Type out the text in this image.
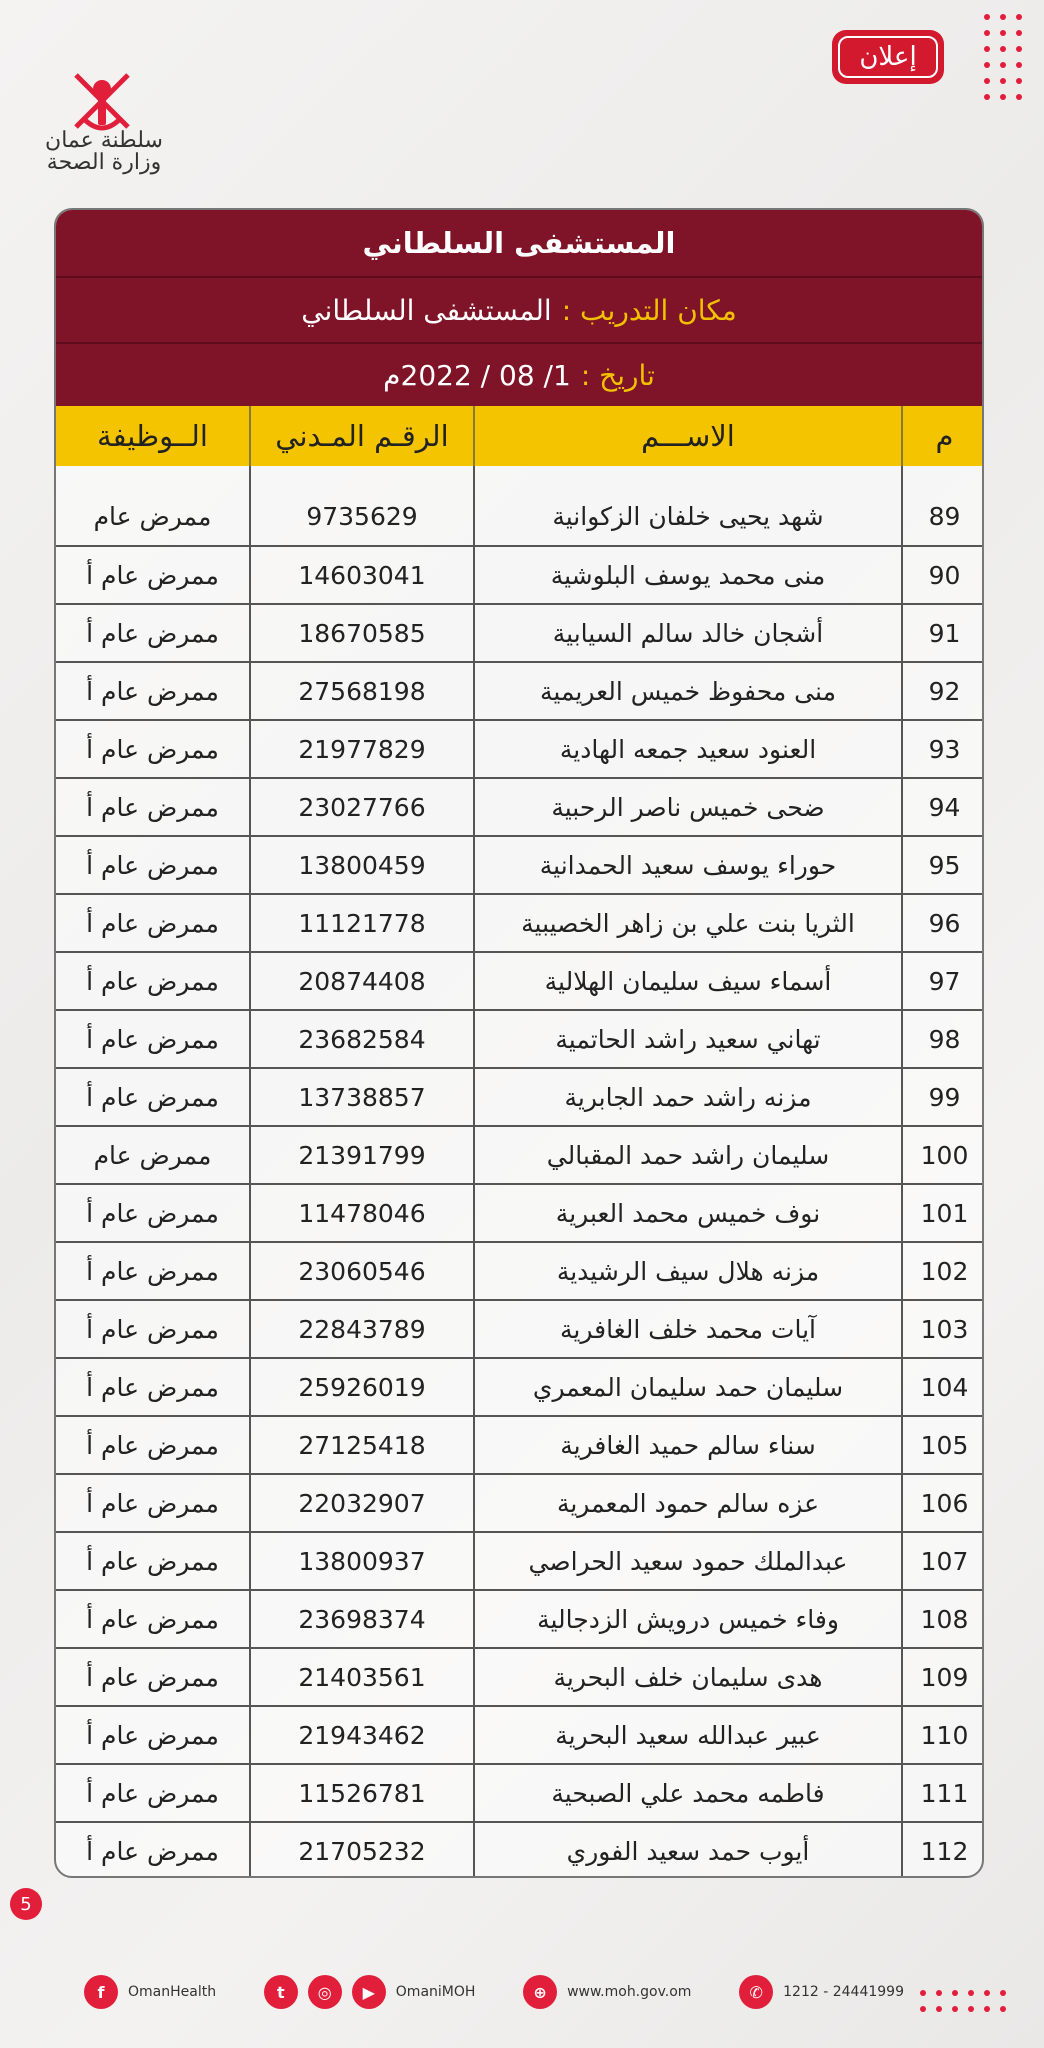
سلطنة عمان
وزارة الصحة
إعلان
المستشفى السلطاني
مكان التدريب :
المستشفى السلطاني
تاريخ :
1/ 08 / 2022م
م	الاســـم	الرقـم المـدني	الــوظيفة

89	شهد يحيى خلفان الزكوانية	9735629	ممرض عام
90	منى محمد يوسف البلوشية	14603041	ممرض عام أ
91	أشجان خالد سالم السيابية	18670585	ممرض عام أ
92	منى محفوظ خميس العريمية	27568198	ممرض عام أ
93	العنود سعيد جمعه الهادية	21977829	ممرض عام أ
94	ضحى خميس ناصر الرحبية	23027766	ممرض عام أ
95	حوراء يوسف سعيد الحمدانية	13800459	ممرض عام أ
96	الثريا بنت علي بن زاهر الخصيبية	11121778	ممرض عام أ
97	أسماء سيف سليمان الهلالية	20874408	ممرض عام أ
98	تهاني سعيد راشد الحاتمية	23682584	ممرض عام أ
99	مزنه راشد حمد الجابرية	13738857	ممرض عام أ
100	سليمان راشد حمد المقبالي	21391799	ممرض عام
101	نوف خميس محمد العبرية	11478046	ممرض عام أ
102	مزنه هلال سيف الرشيدية	23060546	ممرض عام أ
103	آيات محمد خلف الغافرية	22843789	ممرض عام أ
104	سليمان حمد سليمان المعمري	25926019	ممرض عام أ
105	سناء سالم حميد الغافرية	27125418	ممرض عام أ
106	عزه سالم حمود المعمرية	22032907	ممرض عام أ
107	عبدالملك حمود سعيد الحراصي	13800937	ممرض عام أ
108	وفاء خميس درويش الزدجالية	23698374	ممرض عام أ
109	هدى سليمان خلف البحرية	21403561	ممرض عام أ
110	عبير عبدالله سعيد البحرية	21943462	ممرض عام أ
111	فاطمه محمد علي الصبحية	11526781	ممرض عام أ
112	أيوب حمد سعيد الفوري	21705232	ممرض عام أ
5
f	OmanHealth	t	◎	▶	OmaniMOH	⊕	www.moh.gov.om	✆	1212 - 24441999
